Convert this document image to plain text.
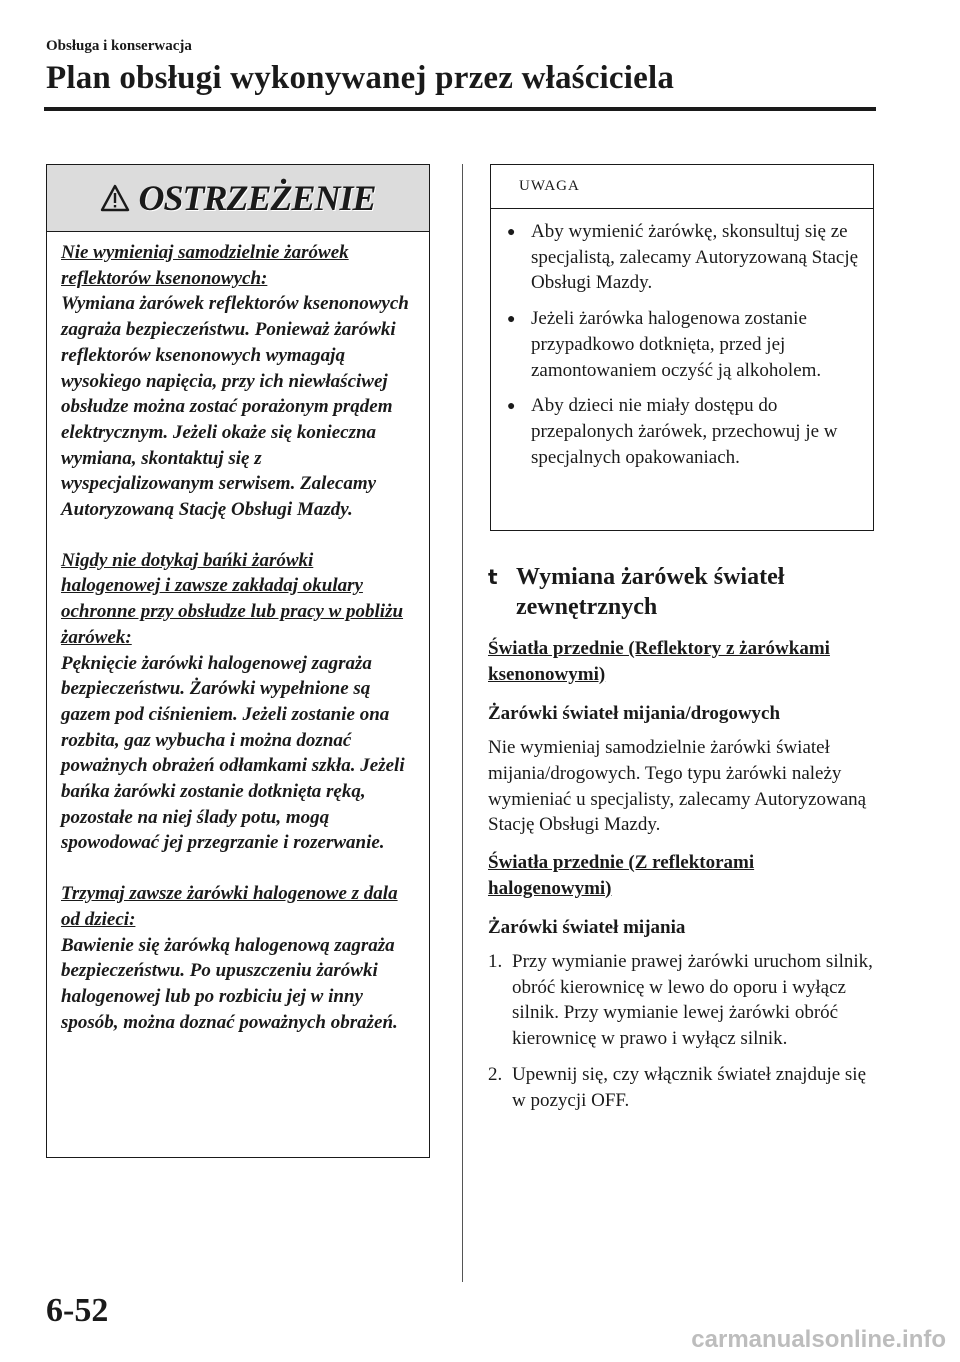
Obsługa i konserwacja
Plan obsługi wykonywanej przez właściciela
OSTRZEŻENIE

Nie wymieniaj samodzielnie żarówek reflektorów ksenonowych:
Wymiana żarówek reflektorów ksenonowych zagraża bezpieczeństwu. Ponieważ żarówki reflektorów ksenonowych wymagają wysokiego napięcia, przy ich niewłaściwej obsłudze można zostać porażonym prądem elektrycznym. Jeżeli okaże się konieczna wymiana, skontaktuj się z wyspecjalizowanym serwisem. Zalecamy Autoryzowaną Stację Obsługi Mazdy.

Nigdy nie dotykaj bańki żarówki halogenowej i zawsze zakładaj okulary ochronne przy obsłudze lub pracy w pobliżu żarówek:
Pęknięcie żarówki halogenowej zagraża bezpieczeństwu. Żarówki wypełnione są gazem pod ciśnieniem. Jeżeli zostanie ona rozbita, gaz wybucha i można doznać poważnych obrażeń odłamkami szkła. Jeżeli bańka żarówki zostanie dotknięta ręką, pozostałe na niej ślady potu, mogą spowodować jej przegrzanie i rozerwanie.

Trzymaj zawsze żarówki halogenowe z dala od dzieci:
Bawienie się żarówką halogenową zagraża bezpieczeństwu. Po upuszczeniu żarówki halogenowej lub po rozbiciu jej w inny sposób, można doznać poważnych obrażeń.

UWAGA
● Aby wymienić żarówkę, skonsultuj się ze specjalistą, zalecamy Autoryzowaną Stację Obsługi Mazdy.
● Jeżeli żarówka halogenowa zostanie przypadkowo dotknięta, przed jej zamontowaniem oczyść ją alkoholem.
● Aby dzieci nie miały dostępu do przepalonych żarówek, przechowuj je w specjalnych opakowaniach.
t Wymiana żarówek świateł zewnętrznych

Światła przednie (Reflektory z żarówkami ksenonowymi)

Żarówki świateł mijania/drogowych

Nie wymieniaj samodzielnie żarówki świateł mijania/drogowych. Tego typu żarówki należy wymieniać u specjalisty, zalecamy Autoryzowaną Stację Obsługi Mazdy.

Światła przednie (Z reflektorami halogenowymi)

Żarówki świateł mijania

1. Przy wymianie prawej żarówki uruchom silnik, obróć kierownicę w lewo do oporu i wyłącz silnik. Przy wymianie lewej żarówki obróć kierownicę w prawo i wyłącz silnik.
2. Upewnij się, czy włącznik świateł znajduje się w pozycji OFF.
6-52
carmanualsonline.info
